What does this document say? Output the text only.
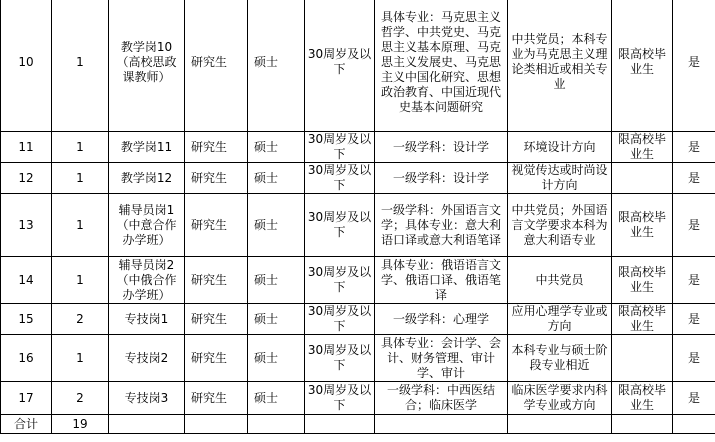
10	1	教学岗10（高校思政课教师）	研究生	硕士	30周岁及以下	具体专业：马克思主义哲学、中共党史、马克思主义基本原理、马克思主义发展史、马克思主义中国化研究、思想政治教育、中国近现代史基本问题研究	中共党员；本科专业为马克思主义理论类相近或相关专业	限高校毕业生	是
11	1	教学岗11	研究生	硕士	30周岁及以下	一级学科：设计学	环境设计方向	限高校毕业生	是
12	1	教学岗12	研究生	硕士	30周岁及以下	一级学科：设计学	视觉传达或时尚设计方向		是
13	1	辅导员岗1（中意合作办学班）	研究生	硕士	30周岁及以下	一级学科：外国语言文学；具体专业：意大利语口译或意大利语笔译	中共党员；外国语言文学要求本科为意大利语专业	限高校毕业生	是
14	1	辅导员岗2（中俄合作办学班）	研究生	硕士	30周岁及以下	具体专业：俄语语言文学、俄语口译、俄语笔译	中共党员	限高校毕业生	是
15	2	专技岗1	研究生	硕士	30周岁及以下	一级学科：心理学	应用心理学专业或方向	限高校毕业生	是
16	1	专技岗2	研究生	硕士	30周岁及以下	具体专业：会计学、会计、财务管理、审计学、审计	本科专业与硕士阶段专业相近		是
17	2	专技岗3	研究生	硕士	30周岁及以下	一级学科：中西医结合；临床医学	临床医学要求内科学专业或方向	限高校毕业生	是
合计	19								
